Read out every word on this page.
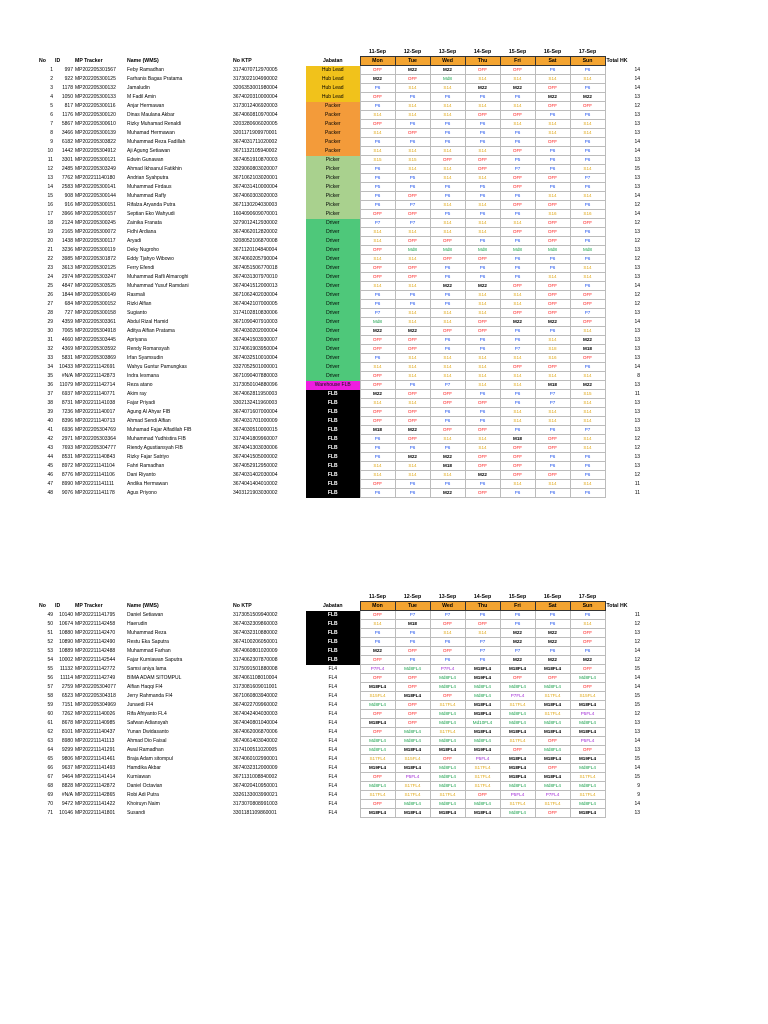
						11-Sep	12-Sep	13-Sep	14-Sep	15-Sep	16-Sep	17-Sep	
No	ID	MP Tracker	Name (WMS)	No KTP	Jabatan	Mon	Tue	Wed	Thu	Fri	Sat	Sun	Total HK
1	997	MP202205301567	Feby Ramadhan	3174070712970005	Hub Lead	OFF	M22	M22	OFF	OFF	P6	P6	14
2	922	MP202205300125	Farhanis Bagas Pratama	3173022104990002	Hub Lead	M22	OFF	Md8	S14	S14	S14	S14	14
3	1178	MP202205300132	Jamaludin	3206353001980004	Hub Lead	P6	S14	S14	M22	M22	OFF	P6	14
4	1050	MP202205300133	M Fadil Amin	3674020310000004	Hub Lead	OFF	P6	P6	P6	P6	M22	M22	13
5	817	MP202205300116	Anjar Hermawan	3173012406920003	Packer	P6	S14	S14	S14	S14	OFF	OFF	12
6	1176	MP202205300120	Dinas Maulana Akbar	3674060810970004	Packer	S14	S14	S14	OFF	OFF	P6	P6	13
7	5867	MP202205300610	Rizky Muhamad Renaldi	3203280606020005	Packer	OFF	P6	P6	P6	S14	S14	S14	13
8	3466	MP202205300139	Muhamad Hermawan	3201171909970001	Packer	S14	OFF	P6	P6	P6	S14	S14	13
9	6182	MP202205303822	Muhammad Reza Fadillah	3674031711020002	Packer	P6	P6	P6	P6	P6	OFF	P6	14
10	1442	MP202205304912	Aji Agung Setiawan	3671132105940002	Packer	S14	S14	S14	S14	OFF	P6	P6	14
11	3301	MP202205300121	Edwin Gunawan	3674051910870003	Picker	S15	S15	OFF	OFF	P5	P6	P6	13
12	2485	MP202205303249	Ahmad Ikhsanul Fatikhin	3329060803020007	Picker	P6	S14	S14	OFF	P7	P6	S14	15
13	7762	MP202211140180	Andrian Syahputra	3671062103020001	Picker	P6	P5	S14	S14	OFF	OFF	P7	13
14	2583	MP202205300141	Muhammad Firdaus	3674031410000004	Picker	P5	P6	P6	P5	OFF	P6	P6	13
15	908	MP202205300144	Muhammad Rafly	3674060303020003	Picker	P6	OFF	P6	P6	P6	S14	S14	14
16	916	MP202205300151	Rifalza Aryanda Putra	3671130204030003	Picker	P6	P7	S14	S14	OFF	OFF	P6	12
17	3966	MP202205300157	Septian Eko Wahyudi	1604090609070001	Picker	OFF	OFF	P5	P6	P6	S16	S16	14
18	2124	MP202205300245	Zainika Franata	3279012412930002	Driver	P7	P7	S14	S14	S14	OFF	OFF	12
19	2165	MP202205300072	Fidhi Ardiana	3674062012820002	Driver	S14	S14	S14	S14	OFF	OFF	P6	13
20	1438	MP202205300117	Aryadi	3208052106870008	Driver	S14	OFF	OFF	P6	P6	OFF	P6	12
21	3236	MP202205300119	Deky Nugroho	3671120104840004	Driver	OFF	Md8	Md8	Md8	Md8	Md8	Md8	13
22	3985	MP202205301872	Eddy Tjahyo Wibowo	3674060205790004	Driver	S14	S14	OFF	OFF	P6	P6	P6	12
23	3613	MP202205302125	Ferry Efendi	3674051506770018	Driver	OFF	OFF	P6	P6	P6	P6	S14	13
24	2974	MP202205303247	Muhammad Rafli Almaroghi	3674031307970010	Driver	OFF	OFF	P6	P6	P6	S14	S14	13
25	4847	MP202205303525	Muhammad Yusuf Ramdani	3674041512000013	Driver	S14	S14	M22	M22	OFF	OFF	P6	14
26	1844	MP202205300149	Rasmali	3671062402030004	Driver	P6	P6	P6	S14	S14	OFF	OFF	12
27	684	MP202205300152	Rizki Alfian	3674042107000005	Driver	P6	P6	P6	S14	S14	OFF	OFF	12
28	727	MP202205300158	Sugianto	3174102810830006	Driver	P7	S14	S14	S14	OFF	OFF	P7	13
29	4359	MP202205303361	Abdul Rizal Hamid	3671090407910003	Driver	Md8	S14	S14	OFF	M22	M22	OFF	14
30	7065	MP202205304918	Aditya Alfian Pratama	3674030202000004	Driver	M22	M22	OFF	OFF	P6	P6	S14	13
31	4660	MP202205303445	Apriyana	3674041503930007	Driver	OFF	OFF	P6	P6	P6	S14	M22	13
32	4369	MP202205303592	Rendy Romansyah	3174061903950004	Driver	OFF	OFF	P6	P6	P7	S18	M18	13
33	5831	MP202205303869	Irfan Syamsudin	3674032510010004	Driver	P6	S14	S14	S14	S14	S16	OFF	13
34	10433	MP202211142691	Wahyu Guntur Pamungkas	3327052501000001	Driver	S14	S14	S14	S14	OFF	OFF	P6	14
35	#N/A	MP202211142873	Indra Iesmana	3671090407880003	Driver	OFF	S14	S14	S14	S14	S14	S14	8
36	11079	MP202211142714	Reza atano	3173050104880096	Warehouse FLB	OFF	P6	P7	S14	S14	M18	M22	13
37	6937	MP202211140771	Akim ray	3674062811950003	FLB	M22	OFF	OFF	P6	P6	P7	S15	11
38	8731	MP202211141038	Fajar Priyadi	3302132411960003	FLB	S14	S14	OFF	OFF	P6	P7	S14	13
39	7236	MP202211140017	Agung Al Ahyar FIB	3674071607000004	FLB	OFF	OFF	P6	P6	S14	S14	S14	13
40	8396	MP202211140713	Ahmad Sendi Alfian	3674031701000009	FLB	OFF	OFF	P6	P6	S14	S14	S14	13
41	6936	MP202205304769	Muhamad Fajar Alfadilah FIB	3674030510000015	FLB	M18	M22	OFF	OFF	P6	P6	P7	13
42	2971	MP202205303364	Muhammad Yudhistira FIB	3174041809960007	FLB	P6	OFF	S14	S14	M18	OFF	S14	12
43	7693	MP202205304777	Riendy Agustiansyah FIB	3674041303030006	FLB	P6	P6	P6	S14	OFF	OFF	S14	12
44	8531	MP202211140843	Rizky Fajar Satriyo	3674041505000002	FLB	P6	M22	M22	OFF	OFF	P6	P6	13
45	8972	MP202211141104	Fahri Ramadhan	3674052912950002	FLB	S14	S14	M18	OFF	OFF	P6	P6	13
46	8776	MP202211141106	Dani Riyanto	3674031402030004	FLB	S14	S14	S14	M22	OFF	OFF	P6	12
47	8990	MP202211141111	Andika Hermawan	3674041404010002	FLB	OFF	P6	P6	P6	S14	S14	S14	11
48	9076	MP202211141178	Agus Priyono	3403121903030002	FLB	P6	P6	M22	OFF	P6	P6	P6	11
						11-Sep	12-Sep	13-Sep	14-Sep	15-Sep	16-Sep	17-Sep	
No	ID	MP Tracker	Name (WMS)	No KTP	Jabatan	Mon	Tue	Wed	Thu	Fri	Sat	Sun	Total HK
49	10140	MP202211141795	Daniel Setiawan	3173051509940002	FLB	OFF	P7	P7	P6	P6	P6	P6	11
50	10674	MP202211142458	Haerudin	3674032309860003	FLB	S14	M18	OFF	OFF	P6	P6	S14	12
51	10880	MP202211142470	Muhammad Reza	3674032310880002	FLB	P6	P6	S14	S14	M22	M22	OFF	13
52	10890	MP202211142490	Restu Eka Saputra	3674100206050001	FLB	P6	P6	P6	P7	M22	M22	OFF	12
53	10889	MP202211142488	Muhammad Farhan	3674060801020009	FLB	M22	OFF	OFF	P7	P7	P6	P6	14
54	10002	MP202211142544	Fajar Kurniawan Saputra	3174062307870008	FLB	OFF	P6	P6	P6	M22	M22	M22	12
55	11132	MP202211142772	Samsi aniya lama	3175091501880008	FL4	P7FL4	Md8FL4	P7FL4	M18FL4	M18FL4	M18FL4	OFF	15
56	11114	MP202211142749	BIMA ADAM SITOMPUL	3674061108010004	FL4	OFF	OFF	Md8FL4	M19FL4	OFF	OFF	Md8FL4	14
57	2759	MP202205304077	Alfian Haqqi FI4	3173081609011001	FL4	M18FL4	OFF	Md8FL4	Md8FL4	Md8FL4	Md8FL4	OFF	14
58	6523	MP202205304318	Jerry Rahmanda FI4	3671060803940002	FL4	S15FL4	M18FL4	OFF	Md8FL4	P7FL4	S17FL4	S15FL4	15
59	7151	MP202205304969	Junaedi FI4	3674022709960002	FL4	Md8FL4	OFF	S17FL4	M18FL4	S17FL4	M18FL4	M18FL4	15
60	7262	MP202211140026	Rifa Afriyanto FL4	3674042404030003	FL4	OFF	OFF	Md8FL4	M18FL4	Md8FL4	S17FL4	P5FL4	12
61	8678	MP202211140985	Safwan Adiansyah	3674040801040004	FL4	M18FL4	OFF	Md8FL4	Md10FL4	Md8FL4	Md8FL4	Md8FL4	13
62	8101	MP202211140437	Yunan Dwidasanto	3674062006870006	FL4	OFF	Md8FL4	S17FL4	M18FL4	M18FL4	M18FL4	M18FL4	13
63	8980	MP202211141113	Ahmad Dio Faisal	3674061403040002	FL4	Md8FL4	Md8FL4	Md8FL4	Md8FL4	S17FL4	OFF	P5FL4	14
64	9299	MP202211141291	Awal Ramadhan	3174100511020005	FL4	Md8FL4	M18FL4	M18FL4	M19FL4	OFF	Md8FL4	OFF	13
65	9806	MP202211141461	Braja Adam sitompul	3674060102990001	FL4	S17FL4	S15FL4	OFF	P5FL4	M18FL4	M18FL4	M19FL4	15
66	9637	MP202211141493	Hamdika Akbar	3674032312000009	FL4	M19FL4	M18FL4	Md8FL4	S17FL4	M18FL4	OFF	Md8FL4	14
67	9464	MP202211141414	Kurniawan	3671131008840002	FL4	OFF	P5FL4	Md8FL4	S17FL4	M18FL4	M18FL4	S17FL4	15
68	8828	MP202211142872	Daniel Octavian	3674020410950001	FL4	Md8FL4	S17FL4	Md8FL4	S17FL4	Md8FL4	Md8FL4	Md8FL4	9
69	#N/A	MP202211142865	Robi Adi Putra	3326133003990021	FL4	S17FL4	S17FL4	S17FL4	OFF	P5FL4	P7FL4	S17FL4	9
70	9472	MP202211141422	Khoiruyn Naim	3173070808991003	FL4	OFF	Md8FL4	Md8FL4	Md8FL4	S17FL4	S17FL4	Md8FL4	14
71	10146	MP202211141801	Susandi	3301181109860001	FL4	M18FL4	M18FL4	M18FL4	M18FL4	Md8FL4	OFF	M18FL4	13
